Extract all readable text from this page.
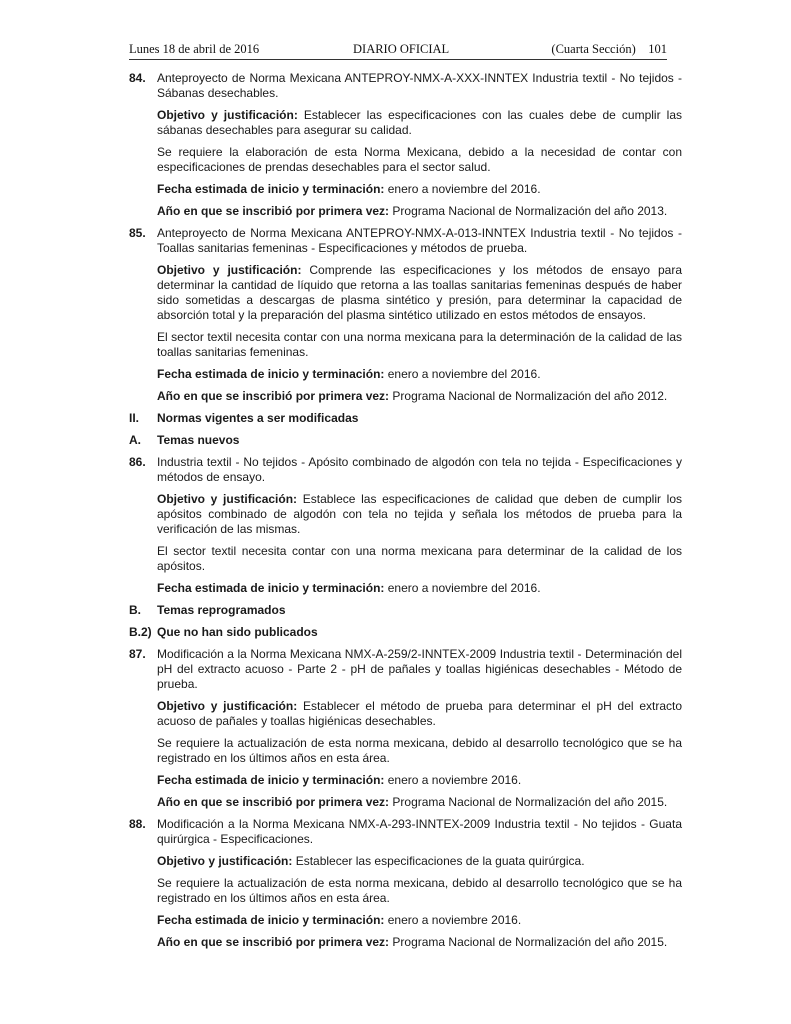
Lunes 18 de abril de 2016	DIARIO OFICIAL	(Cuarta Sección)    101
84. Anteproyecto de Norma Mexicana ANTEPROY-NMX-A-XXX-INNTEX Industria textil - No tejidos - Sábanas desechables.

Objetivo y justificación: Establecer las especificaciones con las cuales debe de cumplir las sábanas desechables para asegurar su calidad.

Se requiere la elaboración de esta Norma Mexicana, debido a la necesidad de contar con especificaciones de prendas desechables para el sector salud.

Fecha estimada de inicio y terminación: enero a noviembre del 2016.

Año en que se inscribió por primera vez: Programa Nacional de Normalización del año 2013.

85. Anteproyecto de Norma Mexicana ANTEPROY-NMX-A-013-INNTEX Industria textil - No tejidos - Toallas sanitarias femeninas - Especificaciones y métodos de prueba.

Objetivo y justificación: Comprende las especificaciones y los métodos de ensayo para determinar la cantidad de líquido que retorna a las toallas sanitarias femeninas después de haber sido sometidas a descargas de plasma sintético y presión, para determinar la capacidad de absorción total y la preparación del plasma sintético utilizado en estos métodos de ensayos.

El sector textil necesita contar con una norma mexicana para la determinación de la calidad de las toallas sanitarias femeninas.

Fecha estimada de inicio y terminación: enero a noviembre del 2016.

Año en que se inscribió por primera vez: Programa Nacional de Normalización del año 2012.

II. Normas vigentes a ser modificadas
A. Temas nuevos
86. Industria textil - No tejidos - Apósito combinado de algodón con tela no tejida - Especificaciones y métodos de ensayo.

Objetivo y justificación: Establece las especificaciones de calidad que deben de cumplir los apósitos combinado de algodón con tela no tejida y señala los métodos de prueba para la verificación de las mismas.

El sector textil necesita contar con una norma mexicana para determinar de la calidad de los apósitos.

Fecha estimada de inicio y terminación: enero a noviembre del 2016.

B. Temas reprogramados
B.2) Que no han sido publicados
87. Modificación a la Norma Mexicana NMX-A-259/2-INNTEX-2009 Industria textil - Determinación del pH del extracto acuoso - Parte 2 - pH de pañales y toallas higiénicas desechables - Método de prueba.

Objetivo y justificación: Establecer el método de prueba para determinar el pH del extracto acuoso de pañales y toallas higiénicas desechables.

Se requiere la actualización de esta norma mexicana, debido al desarrollo tecnológico que se ha registrado en los últimos años en esta área.

Fecha estimada de inicio y terminación: enero a noviembre 2016.

Año en que se inscribió por primera vez: Programa Nacional de Normalización del año 2015.

88. Modificación a la Norma Mexicana NMX-A-293-INNTEX-2009 Industria textil - No tejidos - Guata quirúrgica - Especificaciones.

Objetivo y justificación: Establecer las especificaciones de la guata quirúrgica.

Se requiere la actualización de esta norma mexicana, debido al desarrollo tecnológico que se ha registrado en los últimos años en esta área.

Fecha estimada de inicio y terminación: enero a noviembre 2016.

Año en que se inscribió por primera vez: Programa Nacional de Normalización del año 2015.
